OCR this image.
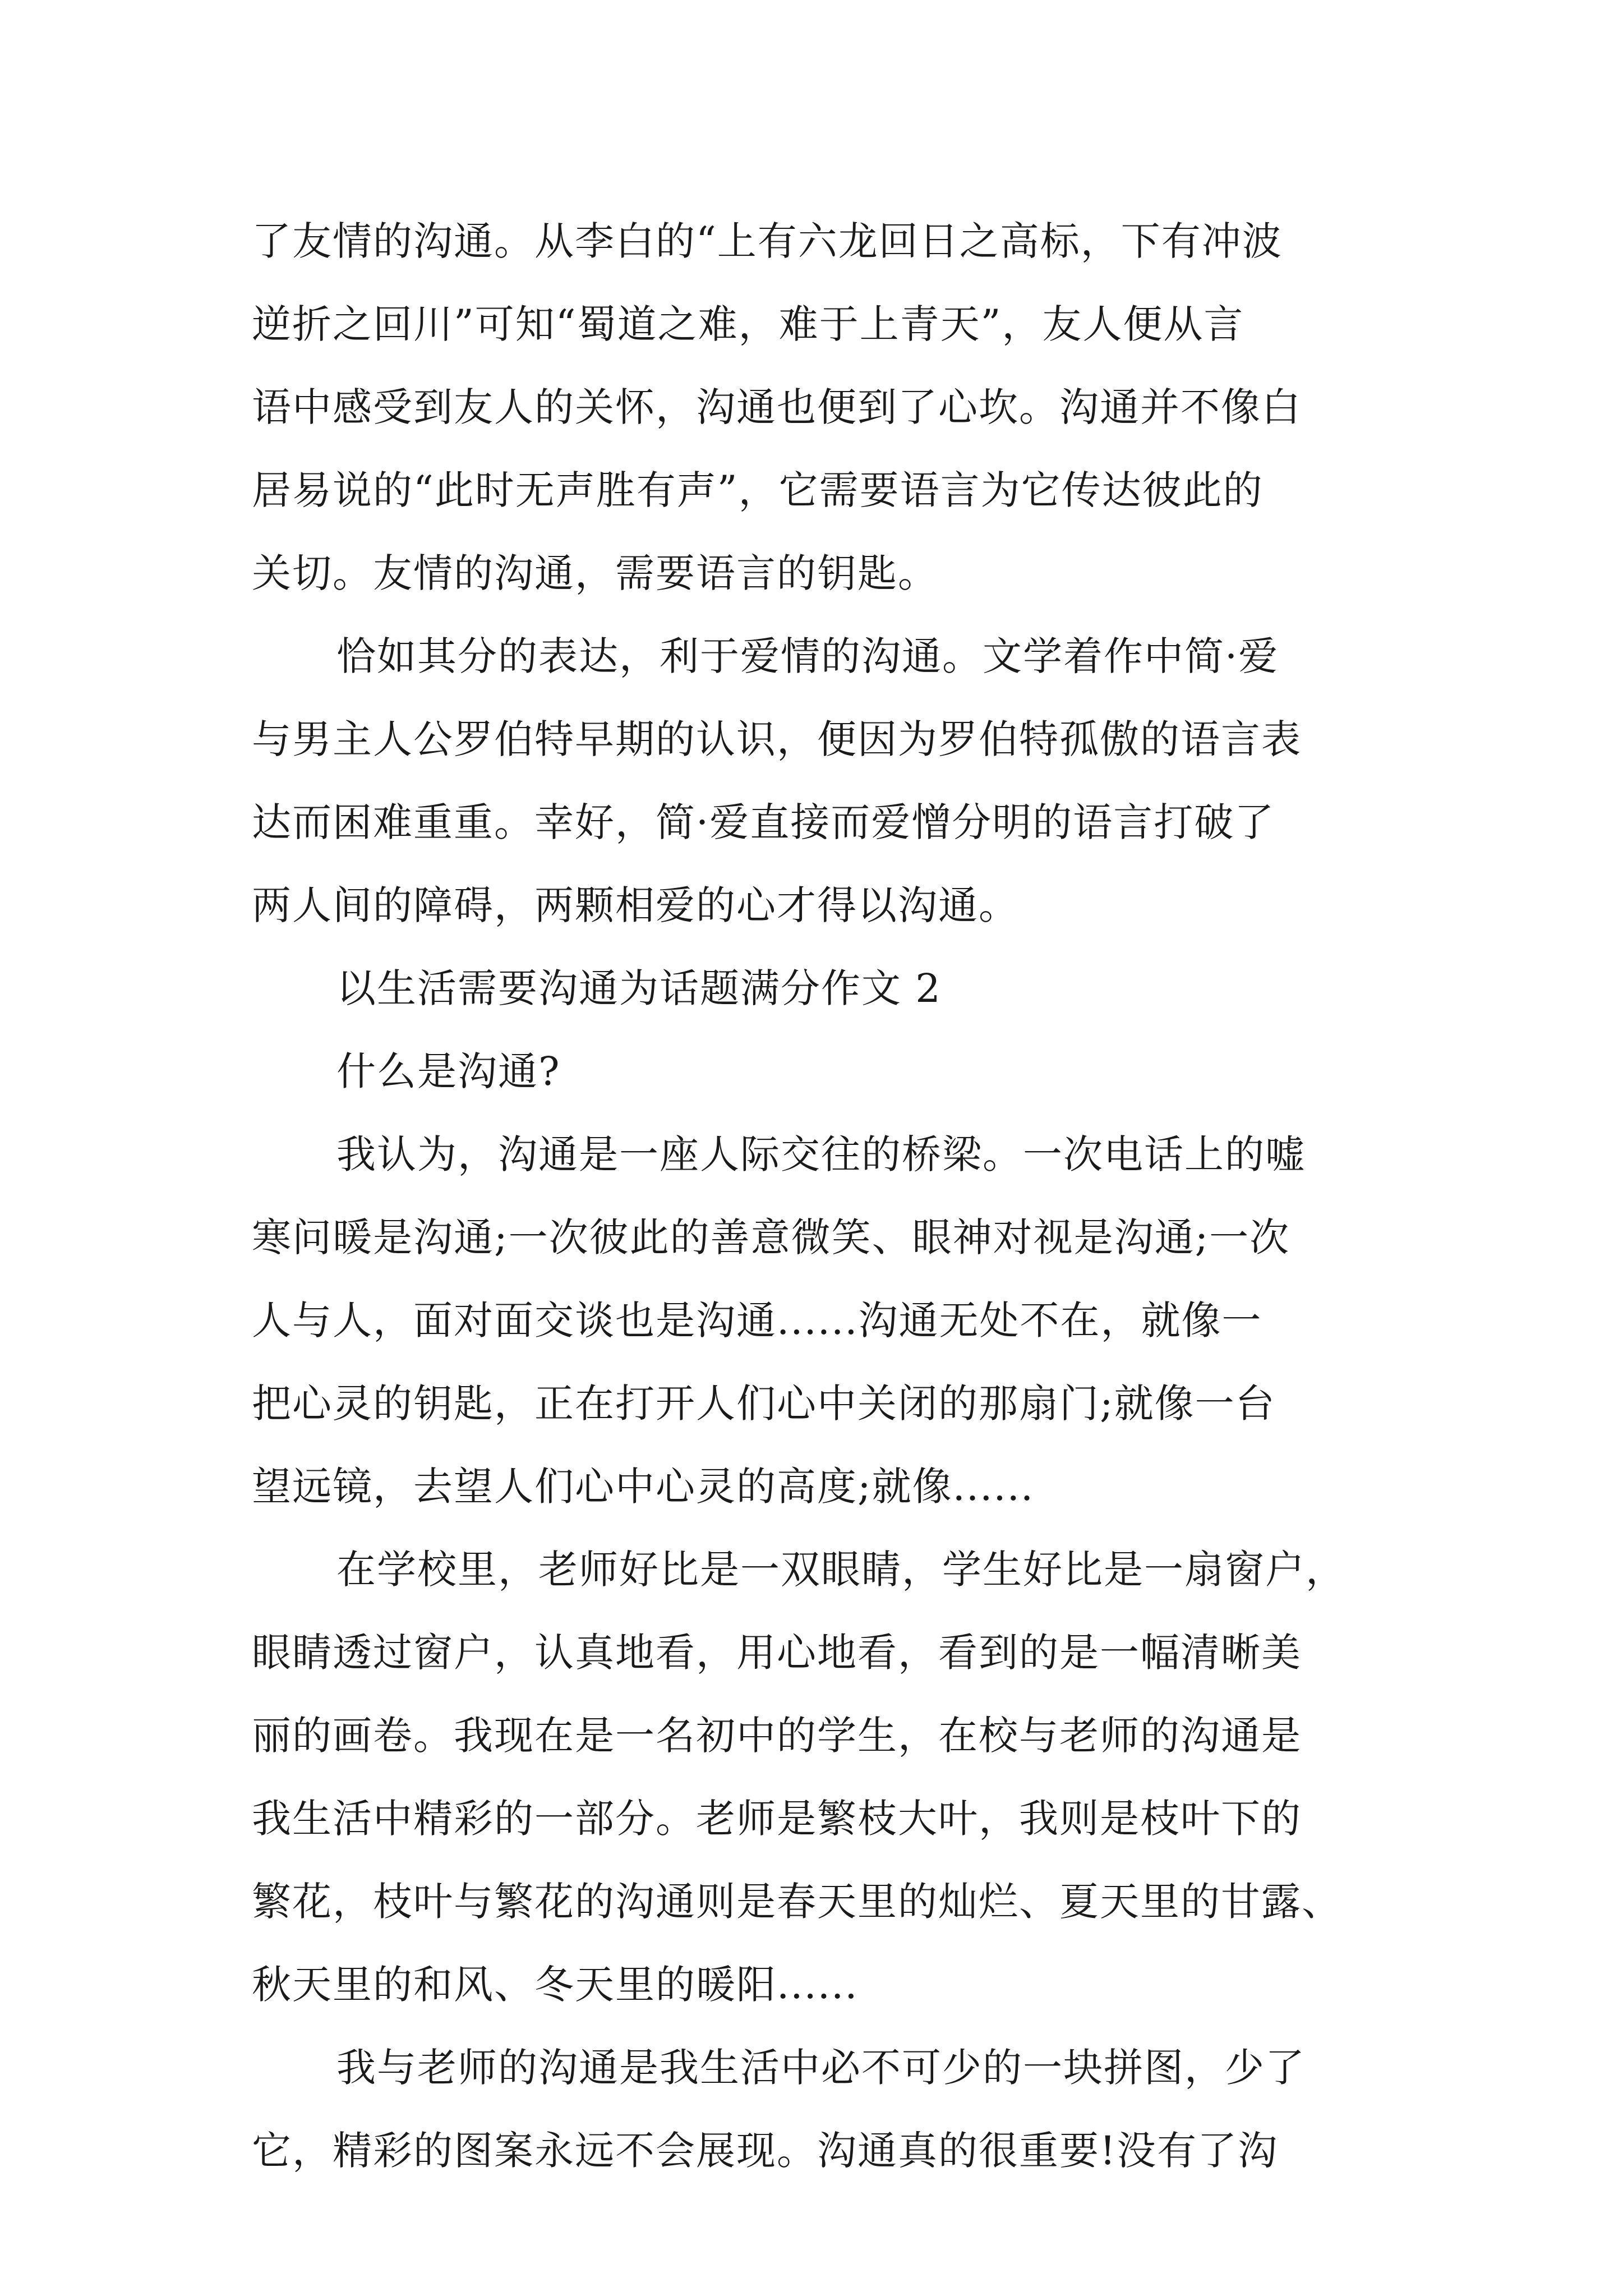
了友情的沟通。从李白的“上有六龙回日之高标，下有冲波
逆折之回川”可知“蜀道之难，难于上青天”，友人便从言
语中感受到友人的关怀，沟通也便到了心坎。沟通并不像白
居易说的“此时无声胜有声”，它需要语言为它传达彼此的
关切。友情的沟通，需要语言的钥匙。
恰如其分的表达，利于爱情的沟通。文学着作中简·爱
与男主人公罗伯特早期的认识，便因为罗伯特孤傲的语言表
达而困难重重。幸好，简·爱直接而爱憎分明的语言打破了
两人间的障碍，两颗相爱的心才得以沟通。
以生活需要沟通为话题满分作文 2
什么是沟通?
我认为，沟通是一座人际交往的桥梁。一次电话上的嘘
寒问暖是沟通;一次彼此的善意微笑、眼神对视是沟通;一次
人与人，面对面交谈也是沟通......沟通无处不在，就像一
把心灵的钥匙，正在打开人们心中关闭的那扇门;就像一台
望远镜，去望人们心中心灵的高度;就像......
在学校里，老师好比是一双眼睛，学生好比是一扇窗户，
眼睛透过窗户，认真地看，用心地看，看到的是一幅清晰美
丽的画卷。我现在是一名初中的学生，在校与老师的沟通是
我生活中精彩的一部分。老师是繁枝大叶，我则是枝叶下的
繁花，枝叶与繁花的沟通则是春天里的灿烂、夏天里的甘露、
秋天里的和风、冬天里的暖阳......
我与老师的沟通是我生活中必不可少的一块拼图，少了
它，精彩的图案永远不会展现。沟通真的很重要!没有了沟
